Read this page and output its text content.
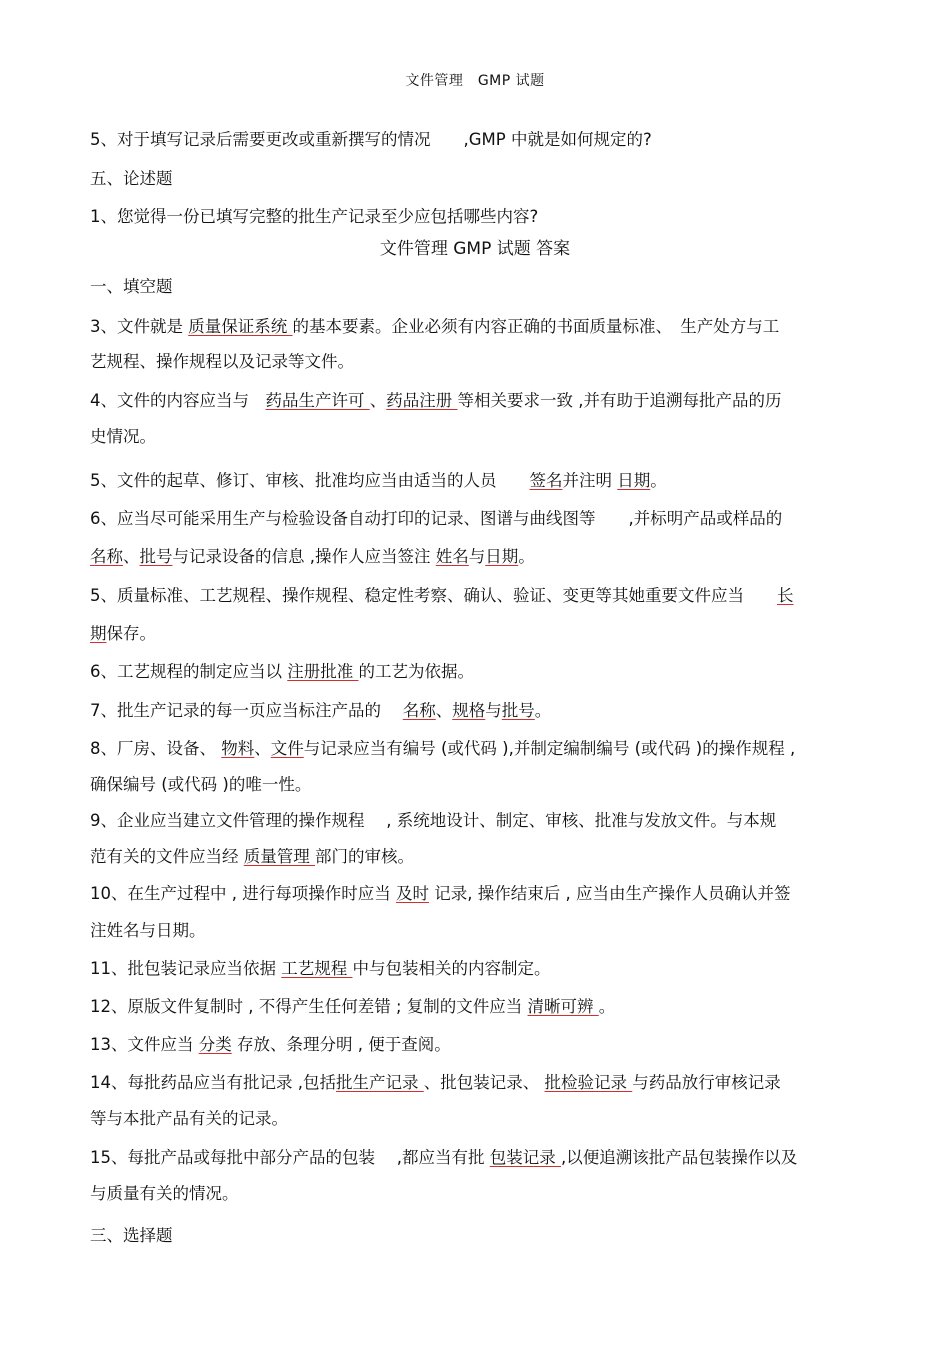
文件管理　GMP 试题
5、对于填写记录后需要更改或重新撰写的情况　　,GMP 中就是如何规定的?
五、论述题
1、您觉得一份已填写完整的批生产记录至少应包括哪些内容?
文件管理 GMP 试题 答案
一、填空题
3、文件就是 质量保证系统 的基本要素。企业必须有内容正确的书面质量标准、　生产处方与工
艺规程、操作规程以及记录等文件。
4、文件的内容应当与　药品生产许可 、药品注册 等相关要求一致 ,并有助于追溯每批产品的历
史情况。
5、文件的起草、修订、审核、批准均应当由适当的人员　　签名并注明 日期。
6、应当尽可能采用生产与检验设备自动打印的记录、图谱与曲线图等　　,并标明产品或样品的
名称、批号与记录设备的信息 ,操作人应当签注 姓名与日期。
5、质量标准、工艺规程、操作规程、稳定性考察、确认、验证、变更等其她重要文件应当　　长
期保存。
6、工艺规程的制定应当以 注册批准 的工艺为依据。
7、批生产记录的每一页应当标注产品的　 名称、规格与批号。
8、厂房、设备、 物料、文件与记录应当有编号 (或代码 ),并制定编制编号 (或代码 )的操作规程 ,
确保编号 (或代码 )的唯一性。
9、企业应当建立文件管理的操作规程　 , 系统地设计、制定、审核、批准与发放文件。与本规
范有关的文件应当经 质量管理 部门的审核。
10、在生产过程中 , 进行每项操作时应当 及时 记录, 操作结束后 , 应当由生产操作人员确认并签
注姓名与日期。
11、批包装记录应当依据 工艺规程 中与包装相关的内容制定。
12、原版文件复制时 , 不得产生任何差错 ; 复制的文件应当 清晰可辨 。
13、文件应当 分类 存放、条理分明 , 便于查阅。
14、每批药品应当有批记录 ,包括批生产记录 、批包装记录、 批检验记录 与药品放行审核记录
等与本批产品有关的记录。
15、每批产品或每批中部分产品的包装　 ,都应当有批 包装记录 ,以便追溯该批产品包装操作以及
与质量有关的情况。
三、选择题
